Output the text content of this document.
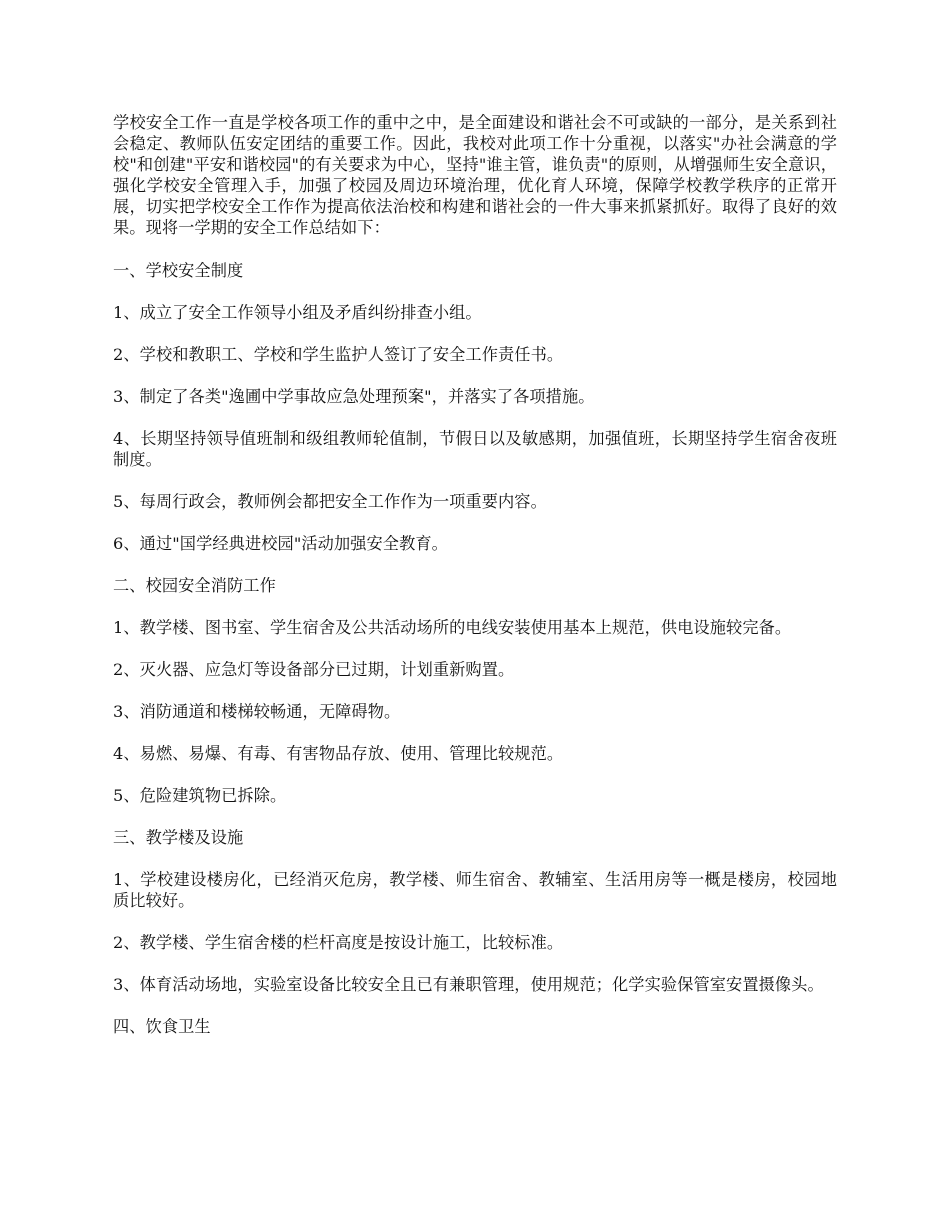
学校安全工作一直是学校各项工作的重中之中，是全面建设和谐社会不可或缺的一部分，是关系到社会稳定、教师队伍安定团结的重要工作。因此，我校对此项工作十分重视，以落实"办社会满意的学校"和创建"平安和谐校园"的有关要求为中心，坚持"谁主管，谁负责"的原则，从增强师生安全意识，强化学校安全管理入手，加强了校园及周边环境治理，优化育人环境，保障学校教学秩序的正常开展，切实把学校安全工作作为提高依法治校和构建和谐社会的一件大事来抓紧抓好。取得了良好的效果。现将一学期的安全工作总结如下：

一、学校安全制度

1、成立了安全工作领导小组及矛盾纠纷排查小组。

2、学校和教职工、学校和学生监护人签订了安全工作责任书。

3、制定了各类"逸圃中学事故应急处理预案"，并落实了各项措施。

4、长期坚持领导值班制和级组教师轮值制，节假日以及敏感期，加强值班，长期坚持学生宿舍夜班制度。

5、每周行政会，教师例会都把安全工作作为一项重要内容。

6、通过"国学经典进校园"活动加强安全教育。

二、校园安全消防工作

1、教学楼、图书室、学生宿舍及公共活动场所的电线安装使用基本上规范，供电设施较完备。

2、灭火器、应急灯等设备部分已过期，计划重新购置。

3、消防通道和楼梯较畅通，无障碍物。

4、易燃、易爆、有毒、有害物品存放、使用、管理比较规范。

5、危险建筑物已拆除。

三、教学楼及设施

1、学校建设楼房化，已经消灭危房，教学楼、师生宿舍、教辅室、生活用房等一概是楼房，校园地质比较好。

2、教学楼、学生宿舍楼的栏杆高度是按设计施工，比较标准。

3、体育活动场地，实验室设备比较安全且已有兼职管理，使用规范；化学实验保管室安置摄像头。

四、饮食卫生
